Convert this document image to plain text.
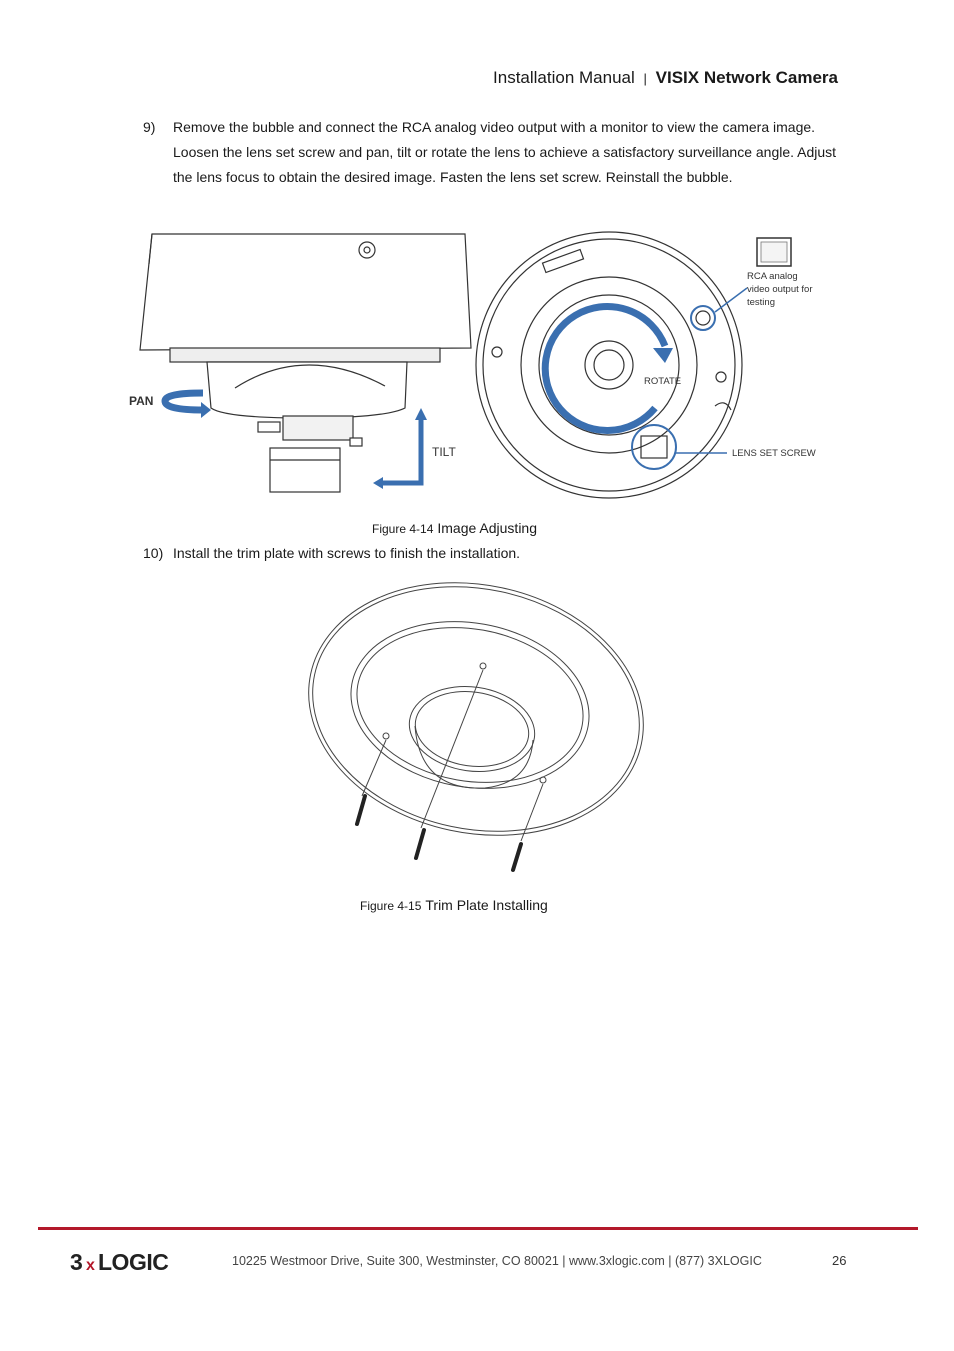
Installation Manual | VISIX Network Camera
9) Remove the bubble and connect the RCA analog video output with a monitor to view the camera image. Loosen the lens set screw and pan, tilt or rotate the lens to achieve a satisfactory surveillance angle. Adjust the lens focus to obtain the desired image. Fasten the lens set screw. Reinstall the bubble.
PAN
TILT
ROTATE
LENS SET SCREW
RCA analog
video output for
testing
Figure 4-14 Image Adjusting
10) Install the trim plate with screws to finish the installation.
Figure 4-15 Trim Plate Installing
3 x LOGIC	10225 Westmoor Drive, Suite 300, Westminster, CO 80021 | www.3xlogic.com | (877) 3XLOGIC	26
